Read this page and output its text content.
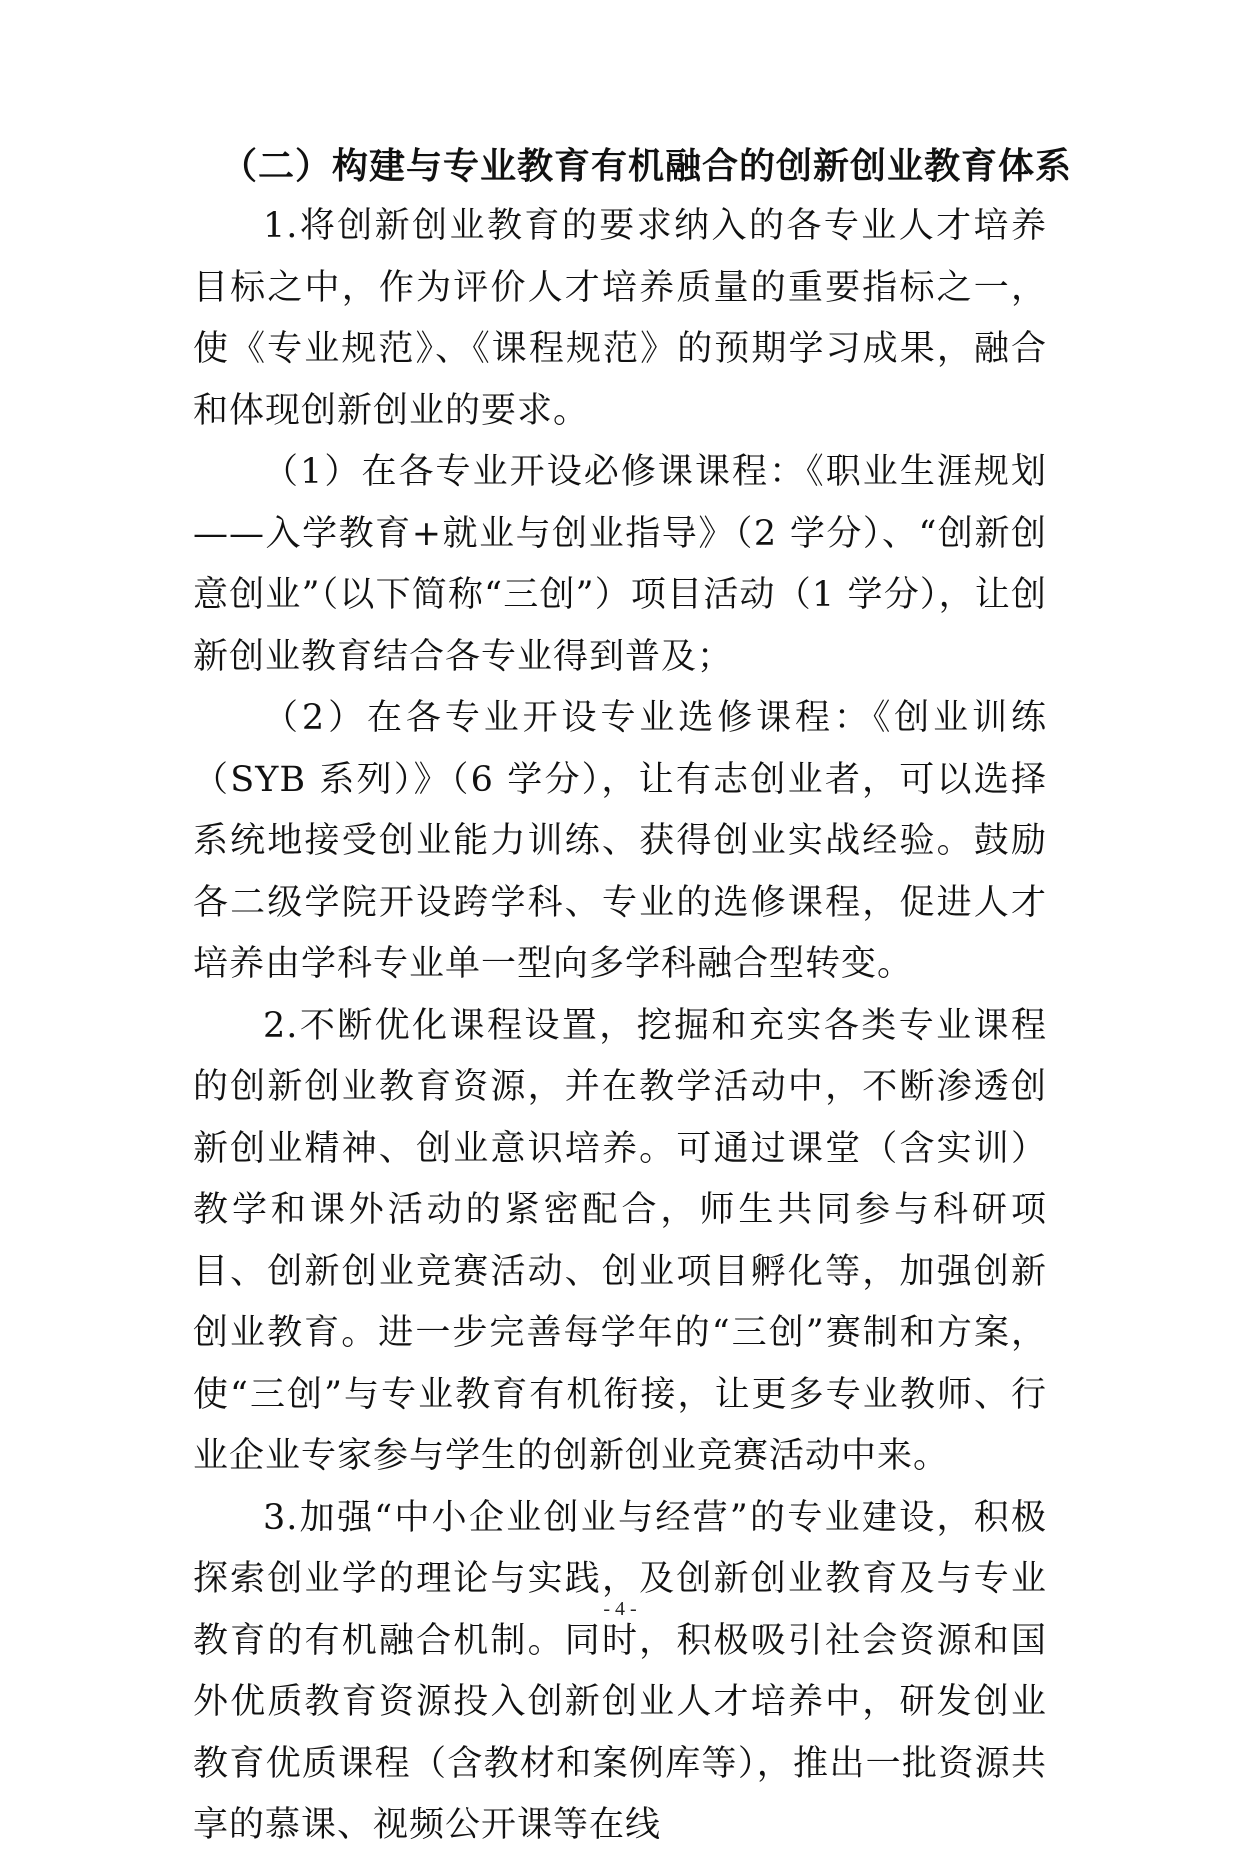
（二）构建与专业教育有机融合的创新创业教育体系

1.将创新创业教育的要求纳入的各专业人才培养目标之中，作为评价人才培养质量的重要指标之一，使《专业规范》、《课程规范》的预期学习成果，融合和体现创新创业的要求。

（1）在各专业开设必修课课程：《职业生涯规划——入学教育+就业与创业指导》（2 学分）、“创新创意创业”（以下简称“三创”）项目活动（1 学分），让创新创业教育结合各专业得到普及；

（2）在各专业开设专业选修课程：《创业训练（SYB 系列）》（6 学分），让有志创业者，可以选择系统地接受创业能力训练、获得创业实战经验。鼓励各二级学院开设跨学科、专业的选修课程，促进人才培养由学科专业单一型向多学科融合型转变。

2.不断优化课程设置，挖掘和充实各类专业课程的创新创业教育资源，并在教学活动中，不断渗透创新创业精神、创业意识培养。可通过课堂（含实训）教学和课外活动的紧密配合，师生共同参与科研项目、创新创业竞赛活动、创业项目孵化等，加强创新创业教育。进一步完善每学年的“三创”赛制和方案，使“三创”与专业教育有机衔接，让更多专业教师、行业企业专家参与学生的创新创业竞赛活动中来。

3.加强“中小企业创业与经营”的专业建设，积极探索创业学的理论与实践，及创新创业教育及与专业教育的有机融合机制。同时，积极吸引社会资源和国外优质教育资源投入创新创业人才培养中，研发创业教育优质课程（含教材和案例库等），推出一批资源共享的慕课、视频公开课等在线

- 4 -
